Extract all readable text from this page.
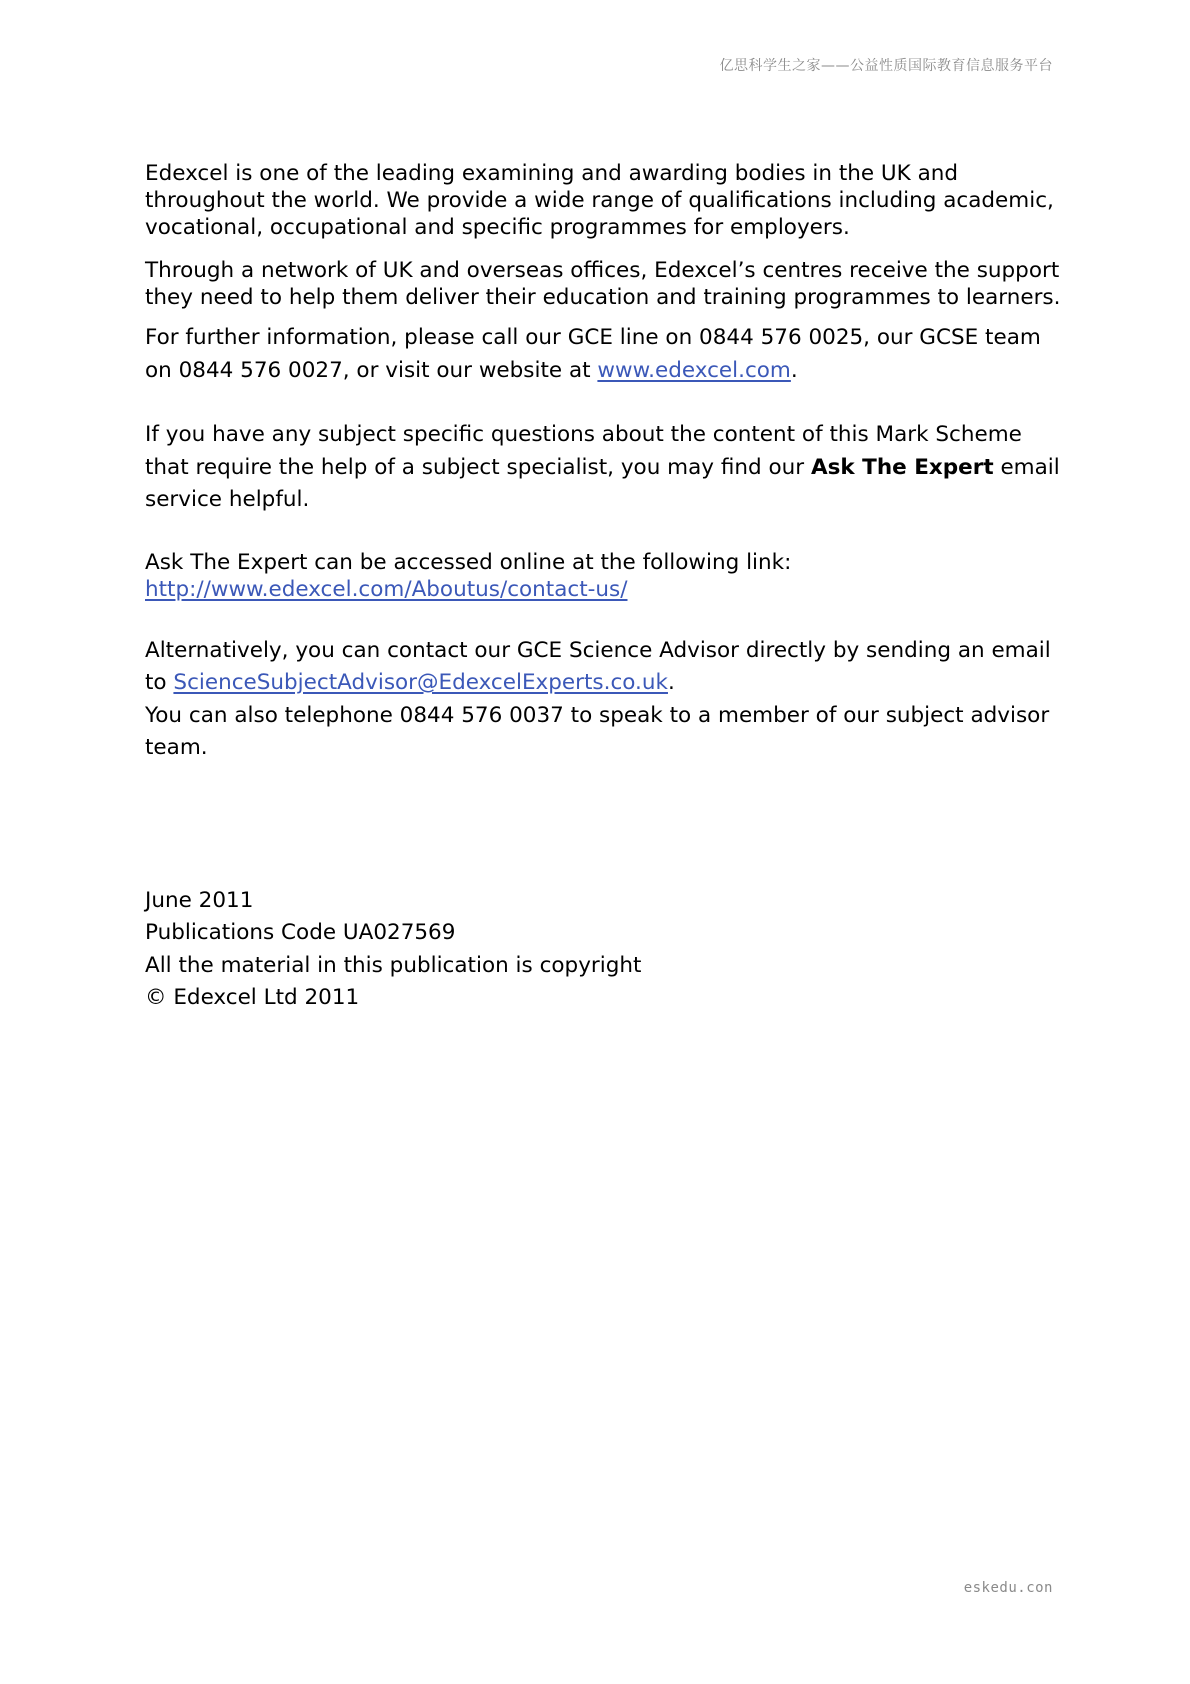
亿思科学生之家——公益性质国际教育信息服务平台

Edexcel is one of the leading examining and awarding bodies in the UK and throughout the world. We provide a wide range of qualifications including academic, vocational, occupational and specific programmes for employers.

Through a network of UK and overseas offices, Edexcel’s centres receive the support they need to help them deliver their education and training programmes to learners.

For further information, please call our GCE line on 0844 576 0025, our GCSE team on 0844 576 0027, or visit our website at www.edexcel.com.

If you have any subject specific questions about the content of this Mark Scheme that require the help of a subject specialist, you may find our Ask The Expert email service helpful.

Ask The Expert can be accessed online at the following link:
http://www.edexcel.com/Aboutus/contact-us/

Alternatively, you can contact our GCE Science Advisor directly by sending an email to ScienceSubjectAdvisor@EdexcelExperts.co.uk.
You can also telephone 0844 576 0037 to speak to a member of our subject advisor team.

June 2011

Publications Code UA027569

All the material in this publication is copyright

© Edexcel Ltd 2011

eskedu.con
